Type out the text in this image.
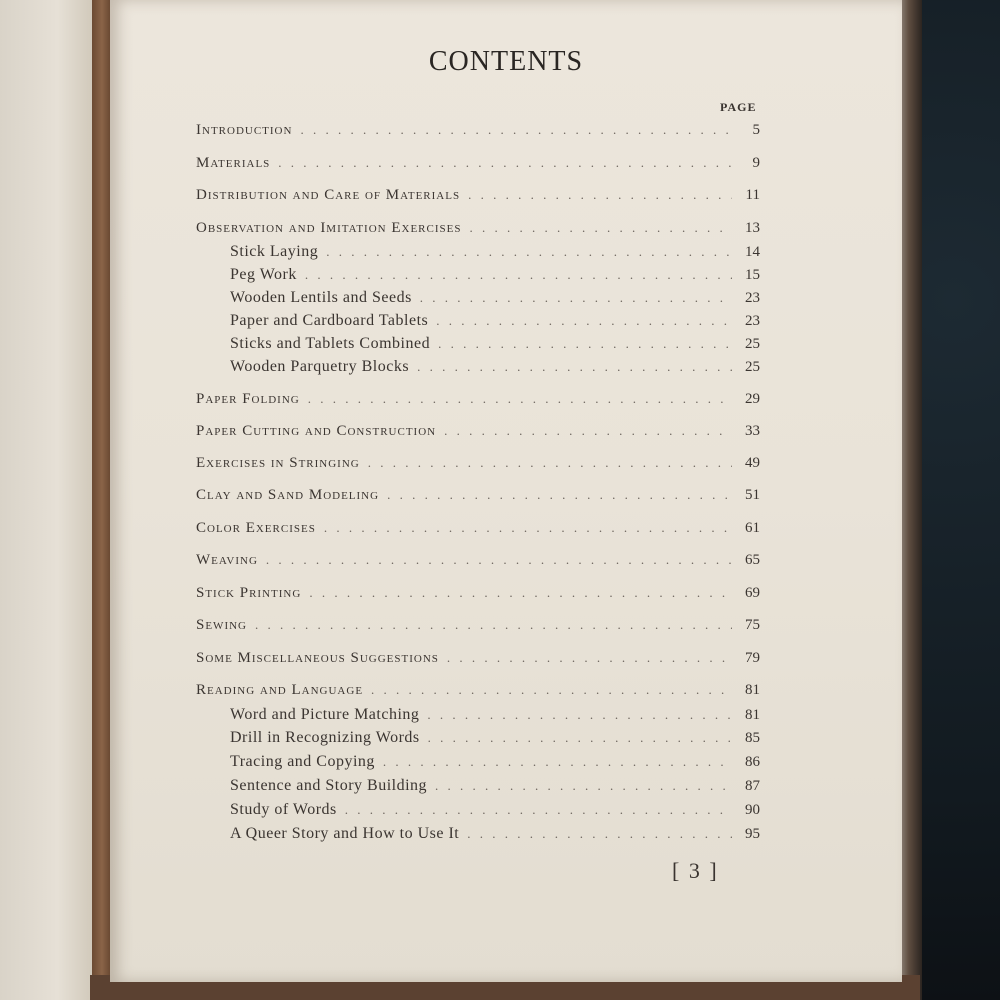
CONTENTS
PAGE
Introduction . . .	5
Materials . . .	9
Distribution and Care of Materials . . .	11
Observation and Imitation Exercises . . .	13
Stick Laying . . .	14
Peg Work . . .	15
Wooden Lentils and Seeds . . .	23
Paper and Cardboard Tablets . . .	23
Sticks and Tablets Combined . . .	25
Wooden Parquetry Blocks . . .	25
Paper Folding . . .	29
Paper Cutting and Construction . . .	33
Exercises in Stringing . . .	49
Clay and Sand Modeling . . .	51
Color Exercises . . .	61
Weaving . . .	65
Stick Printing . . .	69
Sewing . . .	75
Some Miscellaneous Suggestions . . .	79
Reading and Language . . .	81
Word and Picture Matching . . .	81
Drill in Recognizing Words . . .	85
Tracing and Copying . . .	86
Sentence and Story Building . . .	87
Study of Words . . .	90
A Queer Story and How to Use It . . .	95
[ 3 ]
